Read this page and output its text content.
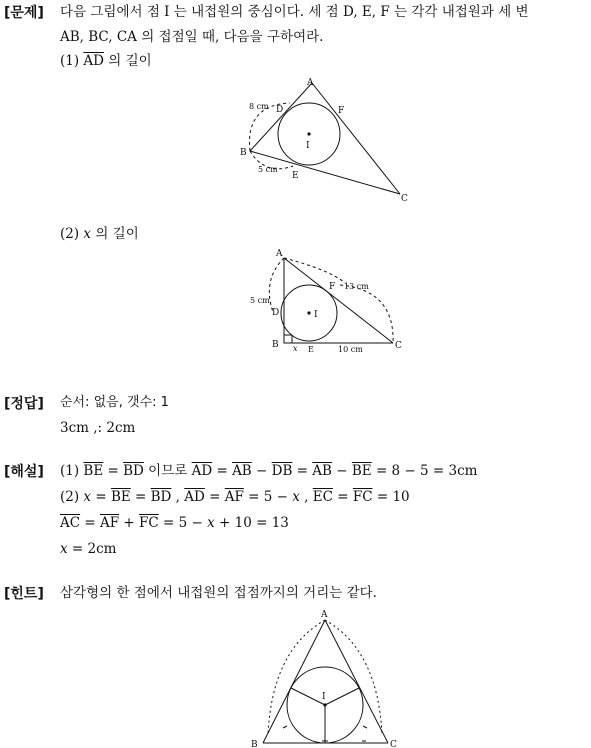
[문제] 다음 그림에서 점 I 는 내접원의 중심이다. 세 점 D, E, F 는 각각 내접원과 세 변
AB, BC, CA 의 접점일 때, 다음을 구하여라.
(1) $\overline{AD}$ 의 길이
A
B
C
D
E
F
I
8 cm
5 cm
(2) x 의 길이
A
B	C
D
E
F
I
5 cm
13 cm
10 cm
x
[정답] 순서: 없음, 갯수: 1
3cm ,: 2cm
[해설] (1) $\overline{BE} = \overline{BD}$ 이므로 $\overline{AD} = \overline{AB} - \overline{DB} = \overline{AB} - \overline{BE} = 8 - 5 = 3cm$
(2) $x = \overline{BE} = \overline{BD}$ , $\overline{AD} = \overline{AF} = 5 - x$ , $\overline{EC} = \overline{FC} = 10$
$\overline{AC} = \overline{AF} + \overline{FC} = 5 - x + 10 = 13$
x = 2cm
[힌트] 삼각형의 한 점에서 내접원의 접점까지의 거리는 같다.
A
B	C
I
